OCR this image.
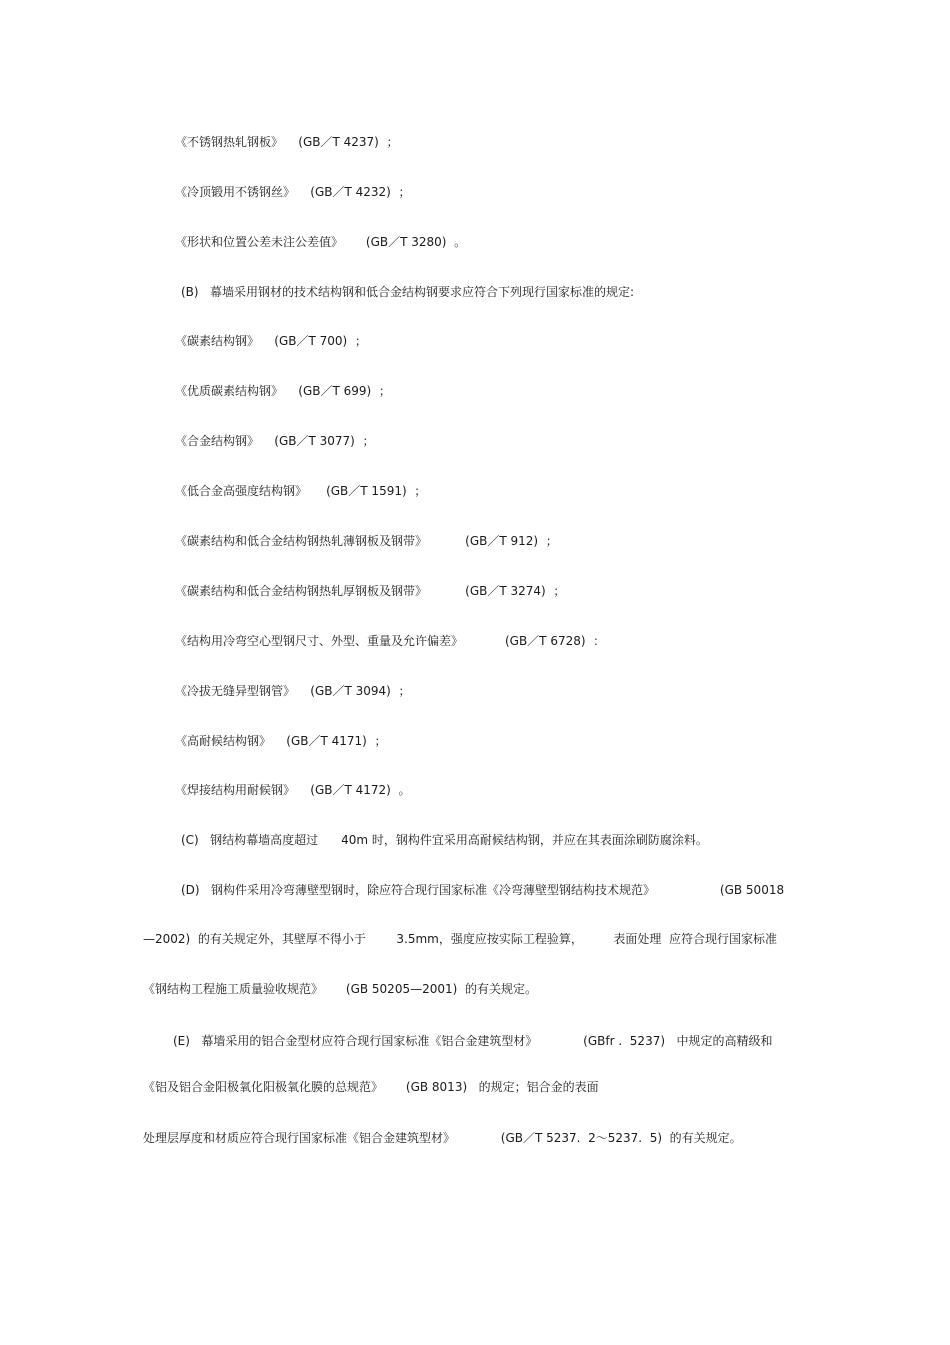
《不锈钢热轧钢板》    (GB／T 4237)  ；
《冷顶锻用不锈钢丝》    (GB／T 4232)  ；
《形状和位置公差未注公差值》      (GB／T 3280)  。
(B)   幕墙采用钢材的技术结构钢和低合金结构钢要求应符合下列现行国家标准的规定:
《碳素结构钢》    (GB／T 700)  ；
《优质碳素结构钢》    (GB／T 699)  ；
《合金结构钢》    (GB／T 3077)  ；
《低合金高强度结构钢》     (GB／T 1591)  ；
《碳素结构和低合金结构钢热轧薄钢板及钢带》          (GB／T 912)  ；
《碳素结构和低合金结构钢热轧厚钢板及钢带》          (GB／T 3274)  ；
《结构用冷弯空心型钢尺寸、外型、重量及允许偏差》           (GB／T 6728)  ：
《冷拔无缝异型钢管》    (GB／T 3094)  ；
《高耐候结构钢》    (GB／T 4171)  ；
《焊接结构用耐候钢》    (GB／T 4172)  。
(C)   钢结构幕墙高度超过      40m 时，钢构件宜采用高耐候结构钢，并应在其表面涂刷防腐涂料。
(D)   钢构件采用冷弯薄壁型钢时，除应符合现行国家标准《冷弯薄壁型钢结构技术规范》                 (GB 50018
—2002)  的有关规定外，其壁厚不得小于        3.5mm，强度应按实际工程验算，        表面处理  应符合现行国家标准
《钢结构工程施工质量验收规范》      (GB 50205—2001)  的有关规定。
(E)   幕墙采用的铝合金型材应符合现行国家标准《铝合金建筑型材》            (GBfr .  5237)   中规定的高精级和
《铝及铝合金阳极氧化阳极氧化膜的总规范》      (GB 8013)   的规定；铝合金的表面
处理层厚度和材质应符合现行国家标准《铝合金建筑型材》            (GB／T 5237.  2～5237.  5)  的有关规定。
